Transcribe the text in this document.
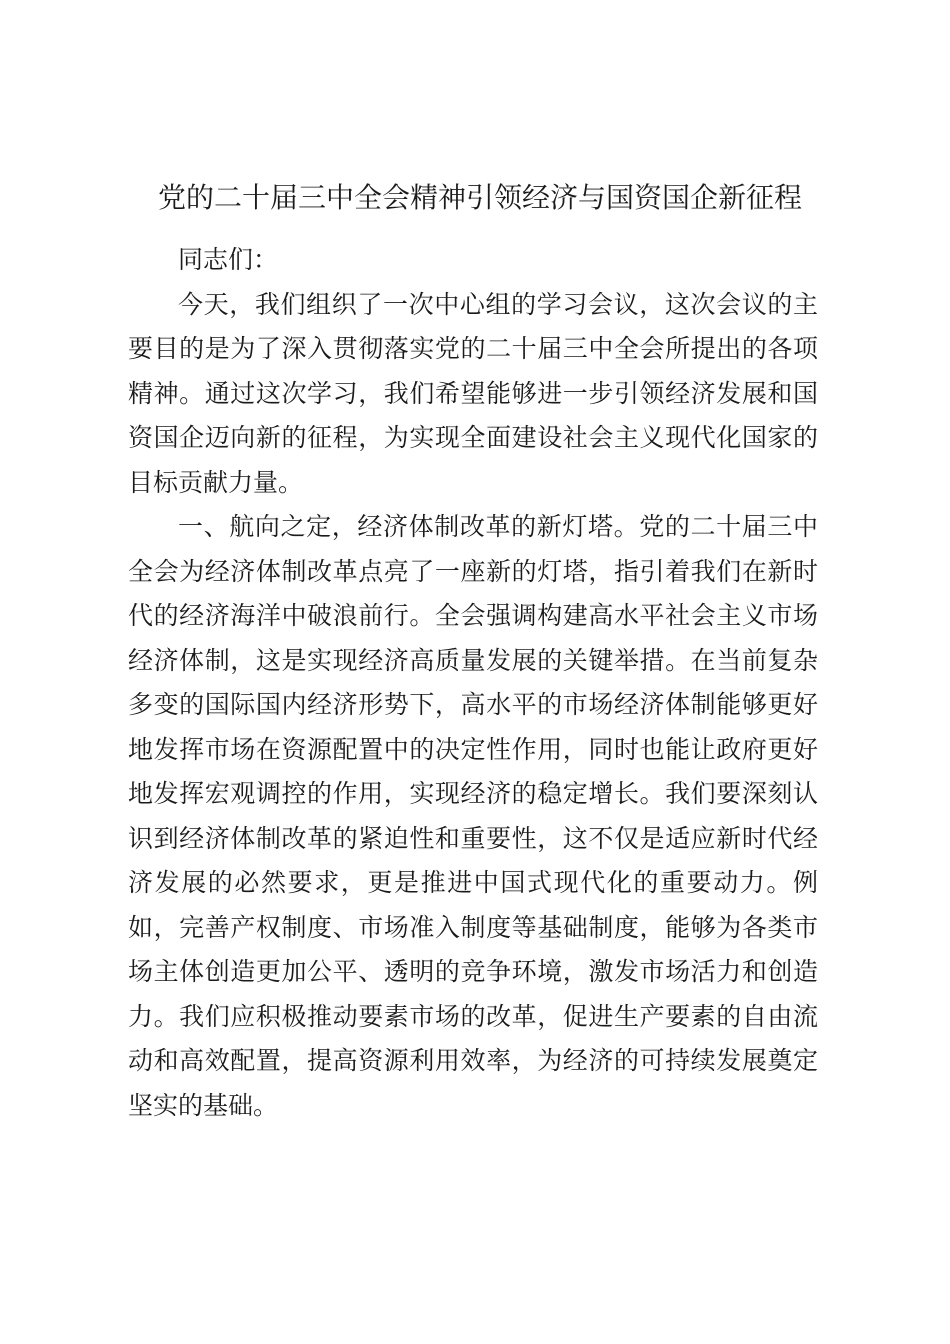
党的二十届三中全会精神引领经济与国资国企新征程

同志们：

今天，我们组织了一次中心组的学习会议，这次会议的主要目的是为了深入贯彻落实党的二十届三中全会所提出的各项精神。通过这次学习，我们希望能够进一步引领经济发展和国资国企迈向新的征程，为实现全面建设社会主义现代化国家的目标贡献力量。

一、航向之定，经济体制改革的新灯塔。党的二十届三中全会为经济体制改革点亮了一座新的灯塔，指引着我们在新时代的经济海洋中破浪前行。全会强调构建高水平社会主义市场经济体制，这是实现经济高质量发展的关键举措。在当前复杂多变的国际国内经济形势下，高水平的市场经济体制能够更好地发挥市场在资源配置中的决定性作用，同时也能让政府更好地发挥宏观调控的作用，实现经济的稳定增长。我们要深刻认识到经济体制改革的紧迫性和重要性，这不仅是适应新时代经济发展的必然要求，更是推进中国式现代化的重要动力。例如，完善产权制度、市场准入制度等基础制度，能够为各类市场主体创造更加公平、透明的竞争环境，激发市场活力和创造力。我们应积极推动要素市场的改革，促进生产要素的自由流动和高效配置，提高资源利用效率，为经济的可持续发展奠定坚实的基础。
